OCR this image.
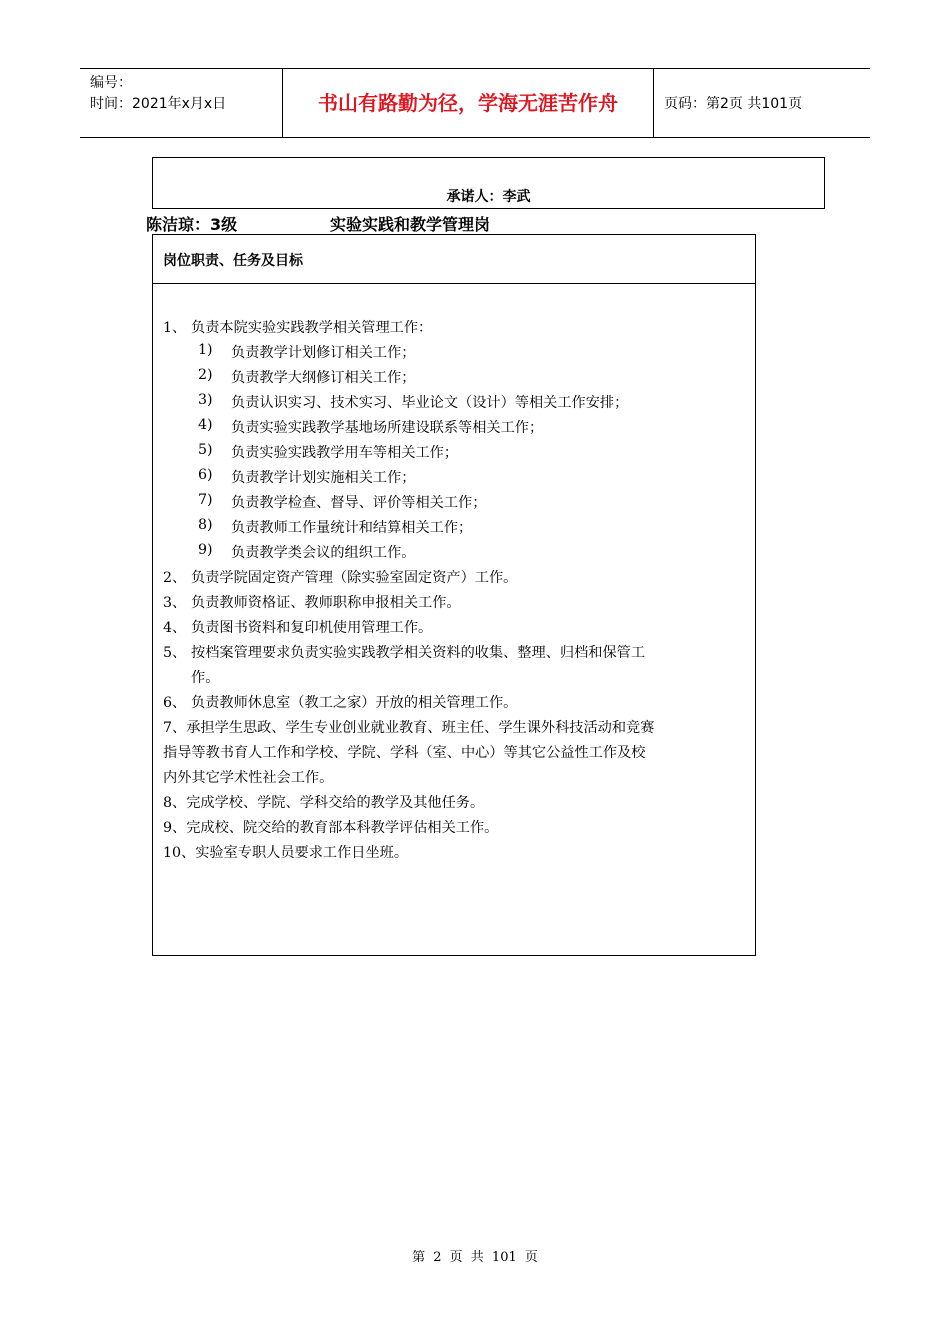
编号：
时间：2021年x月x日	书山有路勤为径，学海无涯苦作舟	页码：第2页 共101页
承诺人：李武
陈洁琼：3级	实验实践和教学管理岗
岗位职责、任务及目标
1、 负责本院实验实践教学相关管理工作：
1) 负责教学计划修订相关工作；
2) 负责教学大纲修订相关工作；
3) 负责认识实习、技术实习、毕业论文（设计）等相关工作安排；
4) 负责实验实践教学基地场所建设联系等相关工作；
5) 负责实验实践教学用车等相关工作；
6) 负责教学计划实施相关工作；
7) 负责教学检查、督导、评价等相关工作；
8) 负责教师工作量统计和结算相关工作；
9) 负责教学类会议的组织工作。
2、 负责学院固定资产管理（除实验室固定资产）工作。
3、 负责教师资格证、教师职称申报相关工作。
4、 负责图书资料和复印机使用管理工作。
5、 按档案管理要求负责实验实践教学相关资料的收集、整理、归档和保管工
作。
6、 负责教师休息室（教工之家）开放的相关管理工作。
7、承担学生思政、学生专业创业就业教育、班主任、学生课外科技活动和竞赛
指导等教书育人工作和学校、学院、学科（室、中心）等其它公益性工作及校
内外其它学术性社会工作。
8、完成学校、学院、学科交给的教学及其他任务。
9、完成校、院交给的教育部本科教学评估相关工作。
10、实验室专职人员要求工作日坐班。
第 2 页 共 101 页
